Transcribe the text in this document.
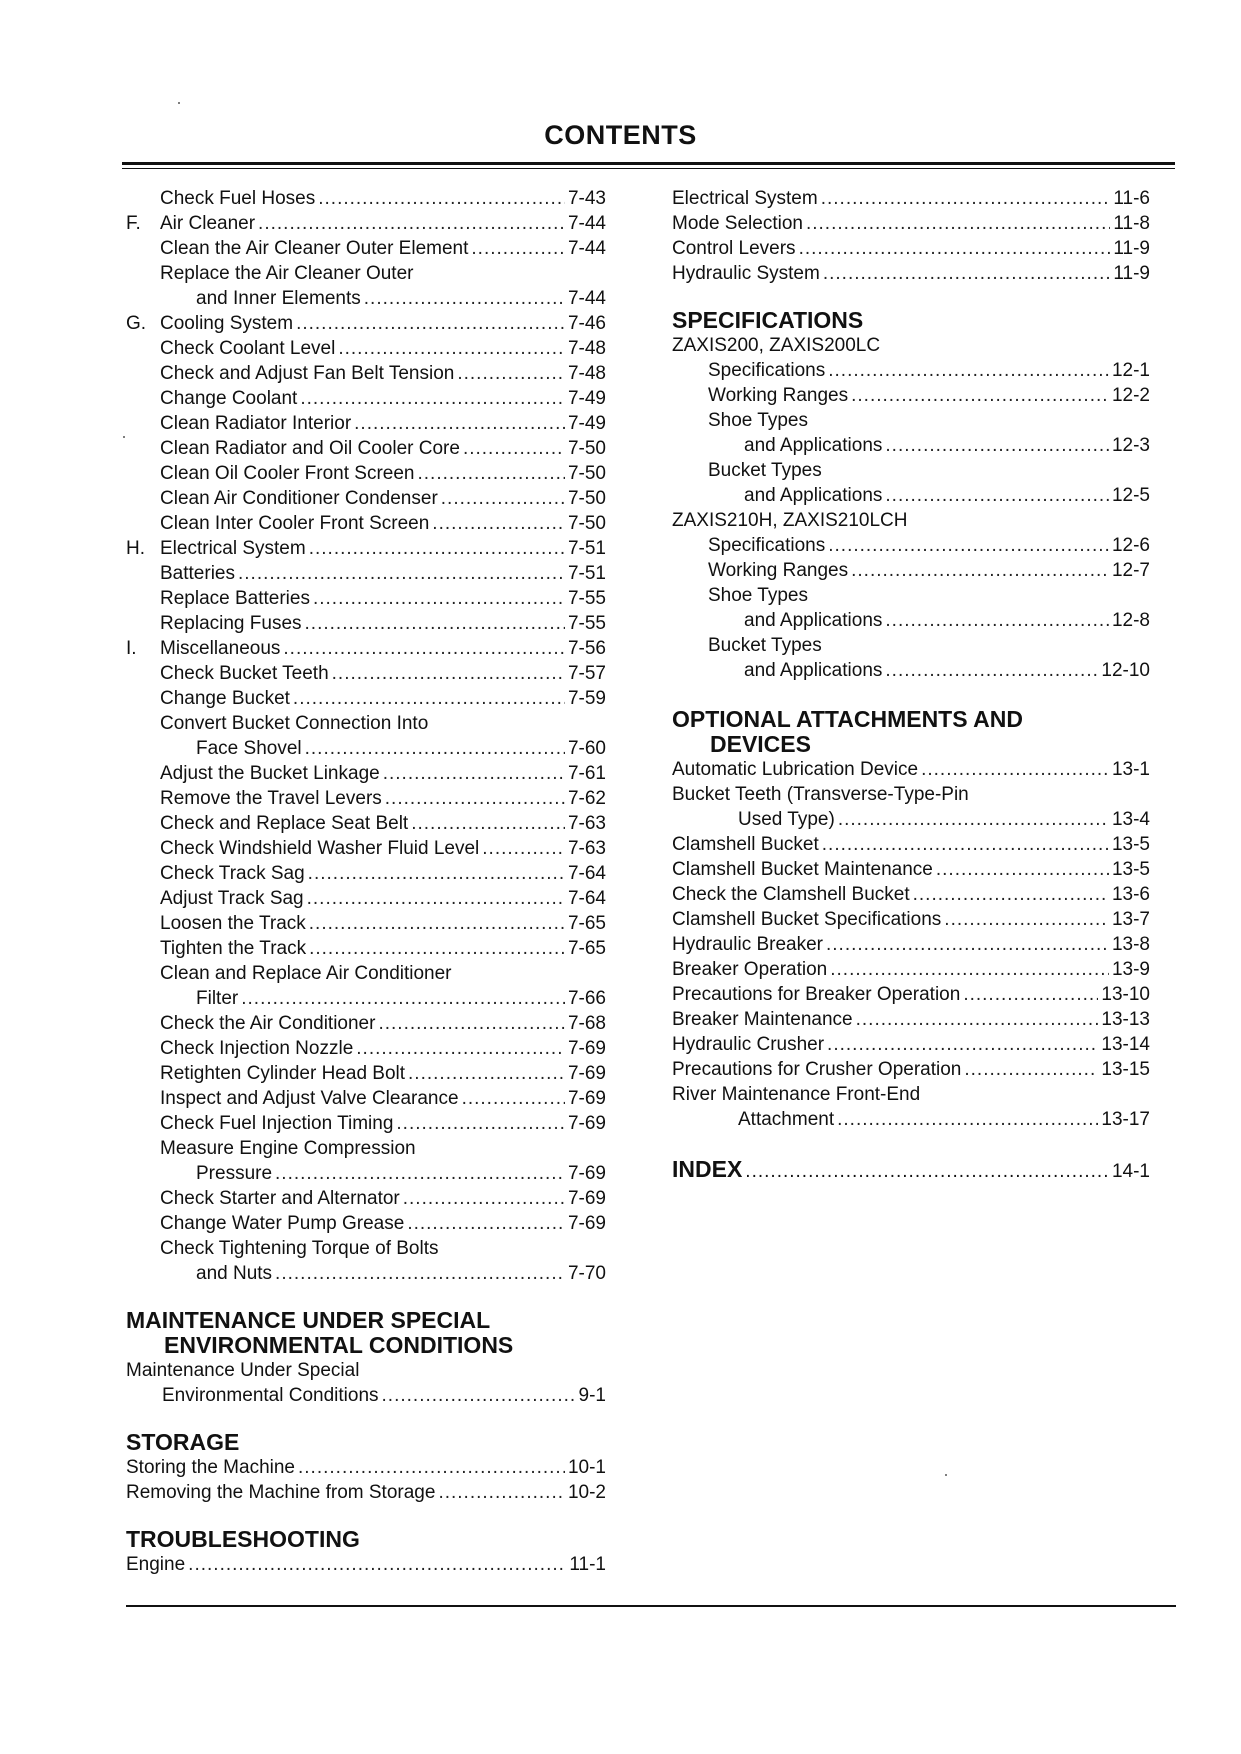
CONTENTS
Check Fuel Hoses .....	7-43
F. Air Cleaner .....	7-44
Clean the Air Cleaner Outer Element .....	7-44
Replace the Air Cleaner Outer
and Inner Elements .....	7-44
G. Cooling System .....	7-46
Check Coolant Level .....	7-48
Check and Adjust Fan Belt Tension .....	7-48
Change Coolant .....	7-49
Clean Radiator Interior .....	7-49
Clean Radiator and Oil Cooler Core .....	7-50
Clean Oil Cooler Front Screen .....	7-50
Clean Air Conditioner Condenser .....	7-50
Clean Inter Cooler Front Screen .....	7-50
H. Electrical System .....	7-51
Batteries .....	7-51
Replace Batteries .....	7-55
Replacing Fuses .....	7-55
I. Miscellaneous .....	7-56
Check Bucket Teeth .....	7-57
Change Bucket .....	7-59
Convert Bucket Connection Into
Face Shovel .....	7-60
Adjust the Bucket Linkage .....	7-61
Remove the Travel Levers .....	7-62
Check and Replace Seat Belt .....	7-63
Check Windshield Washer Fluid Level .....	7-63
Check Track Sag .....	7-64
Adjust Track Sag .....	7-64
Loosen the Track .....	7-65
Tighten the Track .....	7-65
Clean and Replace Air Conditioner
Filter .....	7-66
Check the Air Conditioner .....	7-68
Check Injection Nozzle .....	7-69
Retighten Cylinder Head Bolt .....	7-69
Inspect and Adjust Valve Clearance .....	7-69
Check Fuel Injection Timing .....	7-69
Measure Engine Compression
Pressure .....	7-69
Check Starter and Alternator .....	7-69
Change Water Pump Grease .....	7-69
Check Tightening Torque of Bolts
and Nuts .....	7-70
MAINTENANCE UNDER SPECIAL
ENVIRONMENTAL CONDITIONS
Maintenance Under Special
Environmental Conditions .....	9-1
STORAGE
Storing the Machine .....	10-1
Removing the Machine from Storage .....	10-2
TROUBLESHOOTING
Engine .....	11-1
Electrical System .....	11-6
Mode Selection .....	11-8
Control Levers .....	11-9
Hydraulic System .....	11-9
SPECIFICATIONS
ZAXIS200, ZAXIS200LC
Specifications .....	12-1
Working Ranges .....	12-2
Shoe Types
and Applications .....	12-3
Bucket Types
and Applications .....	12-5
ZAXIS210H, ZAXIS210LCH
Specifications .....	12-6
Working Ranges .....	12-7
Shoe Types
and Applications .....	12-8
Bucket Types
and Applications .....	12-10
OPTIONAL ATTACHMENTS AND
DEVICES
Automatic Lubrication Device .....	13-1
Bucket Teeth (Transverse-Type-Pin
Used Type) .....	13-4
Clamshell Bucket .....	13-5
Clamshell Bucket Maintenance .....	13-5
Check the Clamshell Bucket .....	13-6
Clamshell Bucket Specifications .....	13-7
Hydraulic Breaker .....	13-8
Breaker Operation .....	13-9
Precautions for Breaker Operation .....	13-10
Breaker Maintenance .....	13-13
Hydraulic Crusher .....	13-14
Precautions for Crusher Operation .....	13-15
River Maintenance Front-End
Attachment .....	13-17
INDEX .....	14-1
